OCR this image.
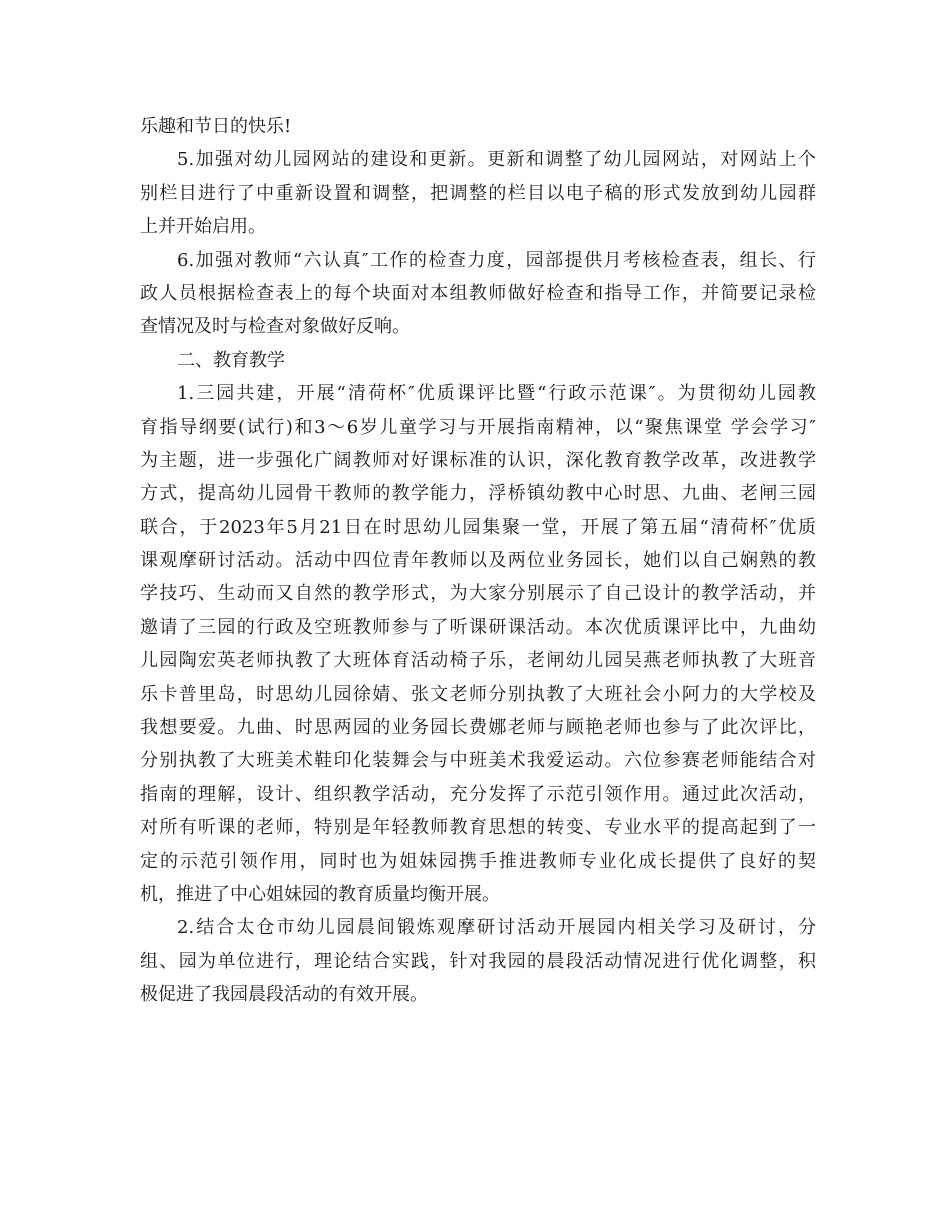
乐趣和节日的快乐!
5.加强对幼儿园网站的建设和更新。更新和调整了幼儿园网站，对网站上个
别栏目进行了中重新设置和调整，把调整的栏目以电子稿的形式发放到幼儿园群
上并开始启用。
6.加强对教师“六认真″工作的检查力度，园部提供月考核检查表，组长、行
政人员根据检查表上的每个块面对本组教师做好检查和指导工作，并简要记录检
查情况及时与检查对象做好反响。
二、教育教学
1.三园共建，开展“清荷杯″优质课评比暨“行政示范课″。为贯彻幼儿园教
育指导纲要(试行)和3～6岁儿童学习与开展指南精神，以“聚焦课堂 学会学习″
为主题，进一步强化广阔教师对好课标准的认识，深化教育教学改革，改进教学
方式，提高幼儿园骨干教师的教学能力，浮桥镇幼教中心时思、九曲、老闸三园
联合，于2023年5月21日在时思幼儿园集聚一堂，开展了第五届“清荷杯″优质
课观摩研讨活动。活动中四位青年教师以及两位业务园长，她们以自己娴熟的教
学技巧、生动而又自然的教学形式，为大家分别展示了自己设计的教学活动，并
邀请了三园的行政及空班教师参与了听课研课活动。本次优质课评比中，九曲幼
儿园陶宏英老师执教了大班体育活动椅子乐，老闸幼儿园吴燕老师执教了大班音
乐卡普里岛，时思幼儿园徐婧、张文老师分别执教了大班社会小阿力的大学校及
我想要爱。九曲、时思两园的业务园长费娜老师与顾艳老师也参与了此次评比，
分别执教了大班美术鞋印化装舞会与中班美术我爱运动。六位参赛老师能结合对
指南的理解，设计、组织教学活动，充分发挥了示范引领作用。通过此次活动，
对所有听课的老师，特别是年轻教师教育思想的转变、专业水平的提高起到了一
定的示范引领作用，同时也为姐妹园携手推进教师专业化成长提供了良好的契
机，推进了中心姐妹园的教育质量均衡开展。
2.结合太仓市幼儿园晨间锻炼观摩研讨活动开展园内相关学习及研讨，分
组、园为单位进行，理论结合实践，针对我园的晨段活动情况进行优化调整，积
极促进了我园晨段活动的有效开展。
